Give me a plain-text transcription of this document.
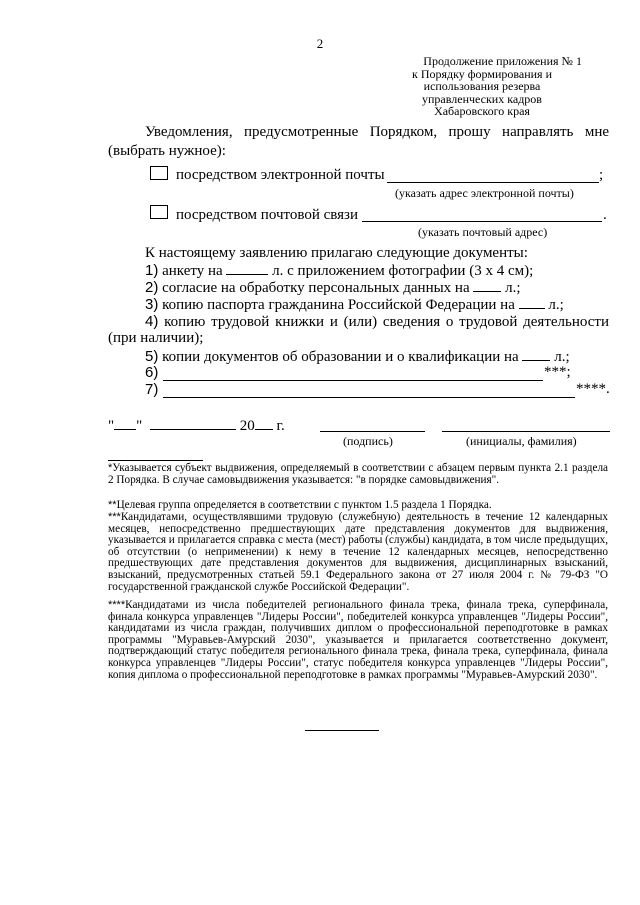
2
Продолжение приложения № 1
к Порядку формирования и
использования резерва
управленческих кадров
Хабаровского края
Уведомления, предусмотренные Порядком, прошу направлять мне
(выбрать нужное):
посредством электронной почты	;
(указать адрес электронной почты)
посредством почтовой связи	.
(указать почтовый адрес)
К настоящему заявлению прилагаю следующие документы:
1) анкету на	л. с приложением фотографии (3 х 4 см);
2) согласие на обработку персональных данных на л.;
3) копию паспорта гражданина Российской Федерации на л.;
4) копию трудовой книжки и (или) сведения о трудовой деятельности
(при наличии);
5) копии документов об образовании и о квалификации на л.;
6)	***;
7)	****.
" "	20 г.
(подпись)	(инициалы, фамилия)
*Указывается субъект выдвижения, определяемый в соответствии с абзацем первым пункта 2.1 раздела 2 Порядка. В случае самовыдвижения указывается: "в порядке самовыдвижения".
**Целевая группа определяется в соответствии с пунктом 1.5 раздела 1 Порядка.
***Кандидатами, осуществлявшими трудовую (служебную) деятельность в течение 12 календарных месяцев, непосредственно предшествующих дате представления документов для выдвижения, указывается и прилагается справка с места (мест) работы (службы) кандидата, в том числе предыдущих, об отсутствии (о неприменении) к нему в течение 12 календарных месяцев, непосредственно предшествующих дате представления документов для выдвижения, дисциплинарных взысканий, взысканий, предусмотренных статьей 59.1 Федерального закона от 27 июля 2004 г. № 79-ФЗ "О государственной гражданской службе Российской Федерации".
****Кандидатами из числа победителей регионального финала трека, финала трека, суперфинала, финала конкурса управленцев "Лидеры России", победителей конкурса управленцев "Лидеры России", кандидатами из числа граждан, получивших диплом о профессиональной переподготовке в рамках программы "Муравьев-Амурский 2030", указывается и прилагается соответственно документ, подтверждающий статус победителя регионального финала трека, финала трека, суперфинала, финала конкурса управленцев "Лидеры России", статус победителя конкурса управленцев "Лидеры России", копия диплома о профессиональной переподготовке в рамках программы "Муравьев-Амурский 2030".
